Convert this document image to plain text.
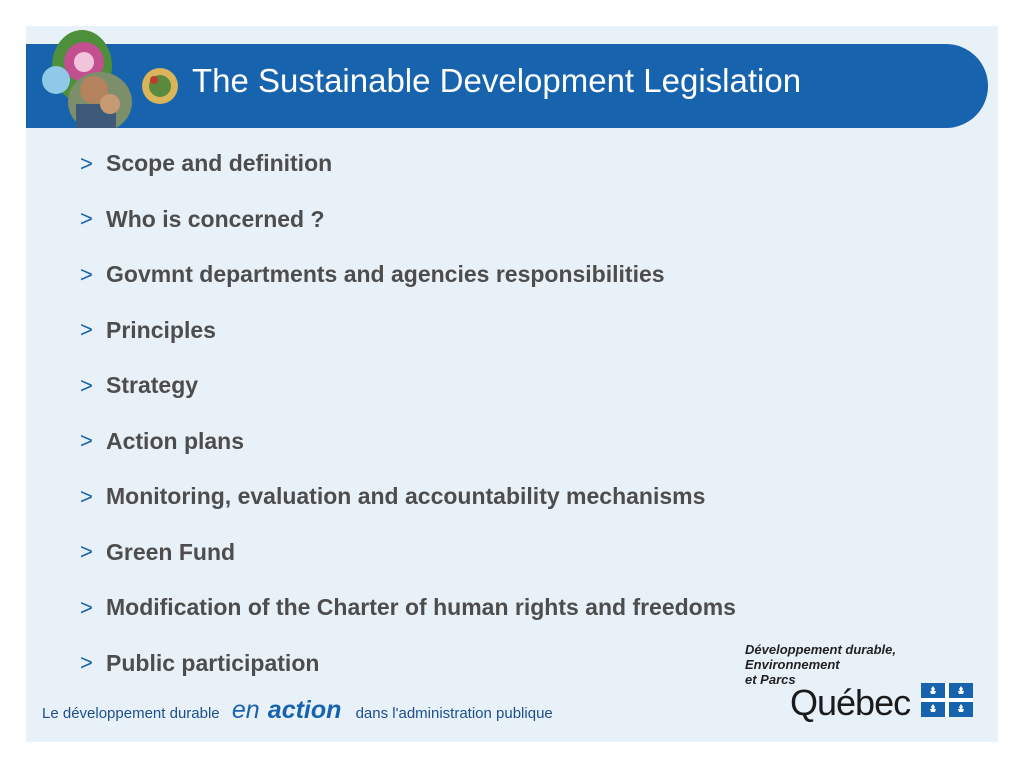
The Sustainable Development Legislation
> Scope and definition
> Who is concerned ?
> Govmnt departments and agencies responsibilities
> Principles
> Strategy
> Action plans
> Monitoring, evaluation and accountability mechanisms
> Green Fund
> Modification of the Charter of human rights and freedoms
> Public participation
Développement durable,
Environnement
et Parcs
Québec
Le développement durable en action dans l'administration publique
